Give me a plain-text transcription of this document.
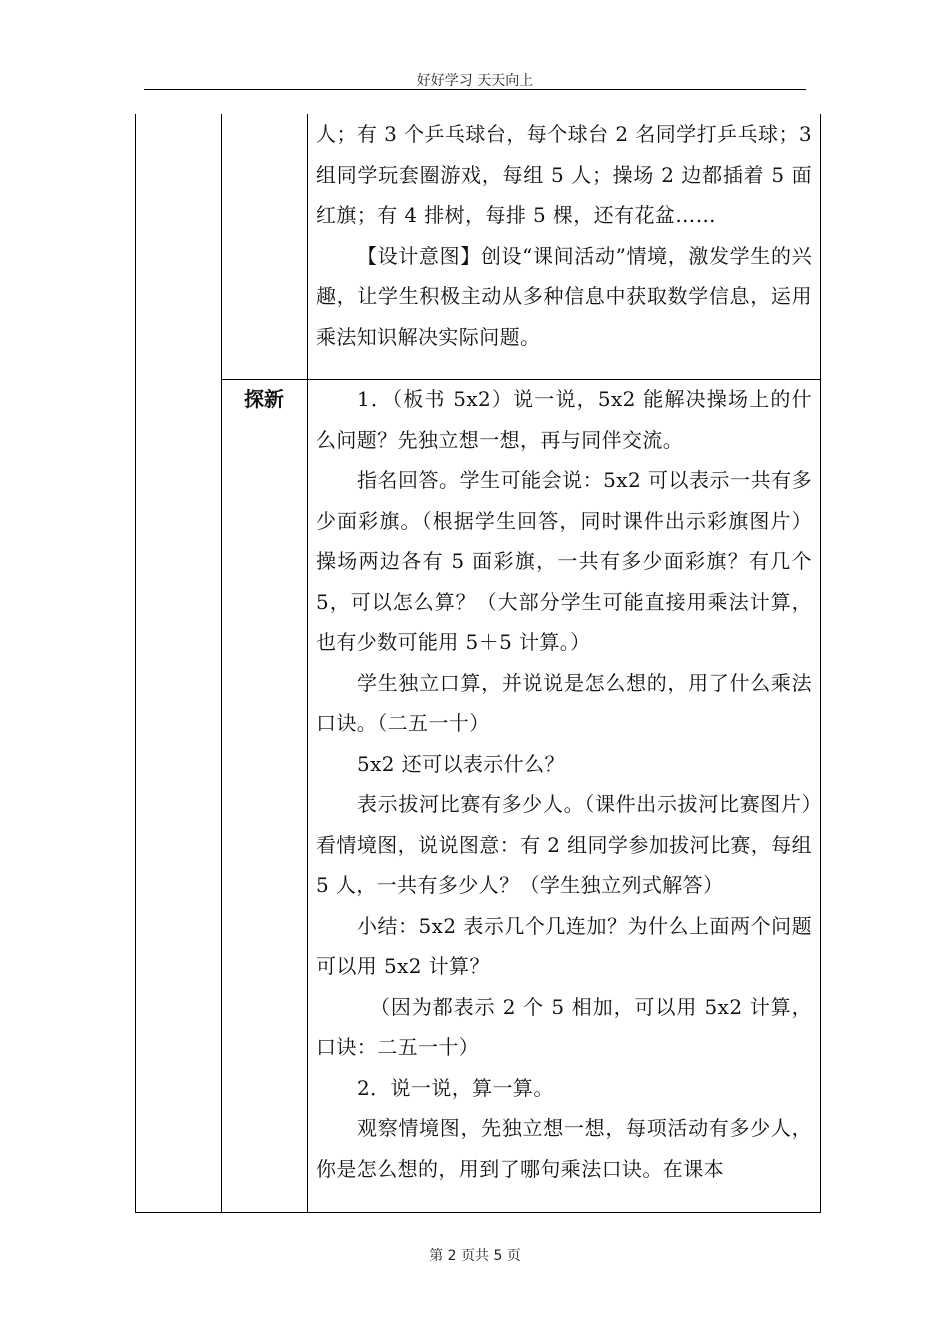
好好学习 天天向上

人；有 3 个乒乓球台，每个球台 2 名同学打乒乓球；3 组同学玩套圈游戏，每组 5 人；操场 2 边都插着 5 面红旗；有 4 排树，每排 5 棵，还有花盆……

【设计意图】创设“课间活动”情境，激发学生的兴趣，让学生积极主动从多种信息中获取数学信息，运用乘法知识解决实际问题。

探新	1．（板书 5x2）说一说，5x2 能解决操场上的什么问题？先独立想一想，再与同伴交流。

指名回答。学生可能会说：5x2 可以表示一共有多少面彩旗。（根据学生回答，同时课件出示彩旗图片）操场两边各有 5 面彩旗，一共有多少面彩旗？有几个 5，可以怎么算？（大部分学生可能直接用乘法计算，也有少数可能用 5＋5 计算。）

学生独立口算，并说说是怎么想的，用了什么乘法口诀。（二五一十）

5x2 还可以表示什么？

表示拔河比赛有多少人。（课件出示拔河比赛图片）看情境图，说说图意：有 2 组同学参加拔河比赛，每组 5 人，一共有多少人？（学生独立列式解答）

小结：5x2 表示几个几连加？为什么上面两个问题可以用 5x2 计算？

（因为都表示 2 个 5 相加，可以用 5x2 计算，口诀：二五一十）

2．说一说，算一算。

观察情境图，先独立想一想，每项活动有多少人，你是怎么想的，用到了哪句乘法口诀。在课本

第 2 页共 5 页
